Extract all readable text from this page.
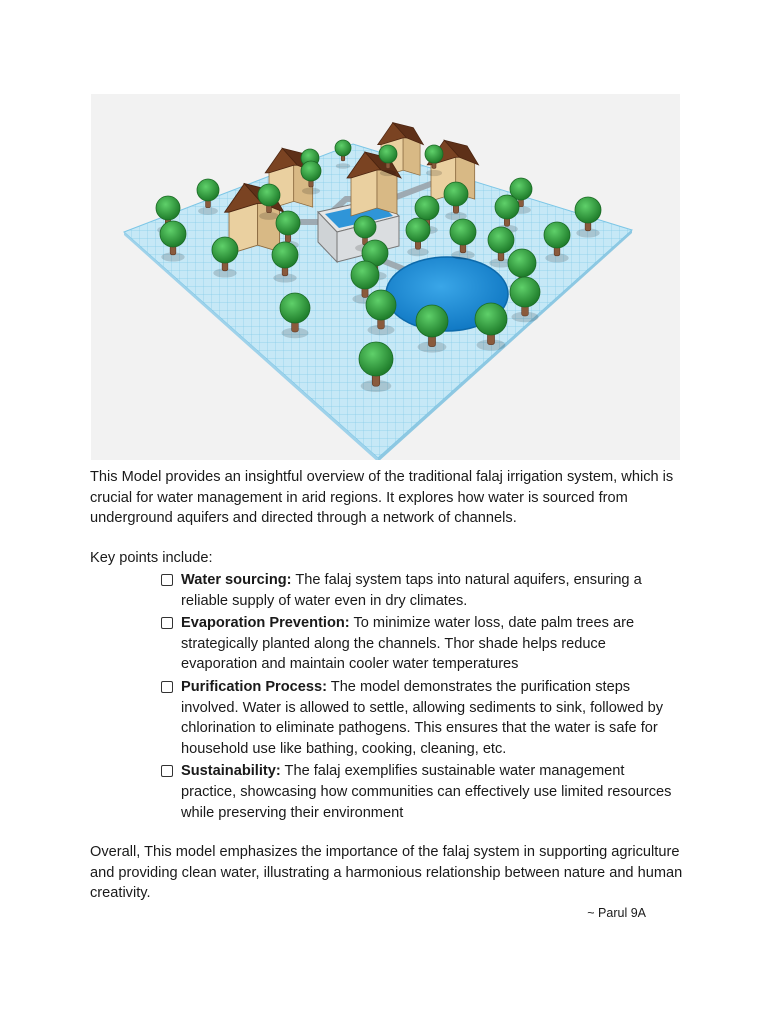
This Model provides an insightful overview of the traditional falaj irrigation system, which is crucial for water management in arid regions. It explores how water is sourced from underground aquifers and directed through a network of channels.
Key points include:
Water sourcing: The falaj system taps into natural aquifers, ensuring a reliable supply of water even in dry climates.
Evaporation Prevention: To minimize water loss, date palm trees are strategically planted along the channels. Thor shade helps reduce evaporation and maintain cooler water temperatures
Purification Process: The model demonstrates the purification steps involved. Water is allowed to settle, allowing sediments to sink, followed by chlorination to eliminate pathogens. This ensures that the water is safe for household use like bathing, cooking, cleaning, etc.
Sustainability: The falaj exemplifies sustainable water management practice, showcasing how communities can effectively use limited resources while preserving their environment
Overall, This model emphasizes the importance of the falaj system in supporting agriculture and providing clean water, illustrating a harmonious relationship between nature and human creativity.
~ Parul 9A
